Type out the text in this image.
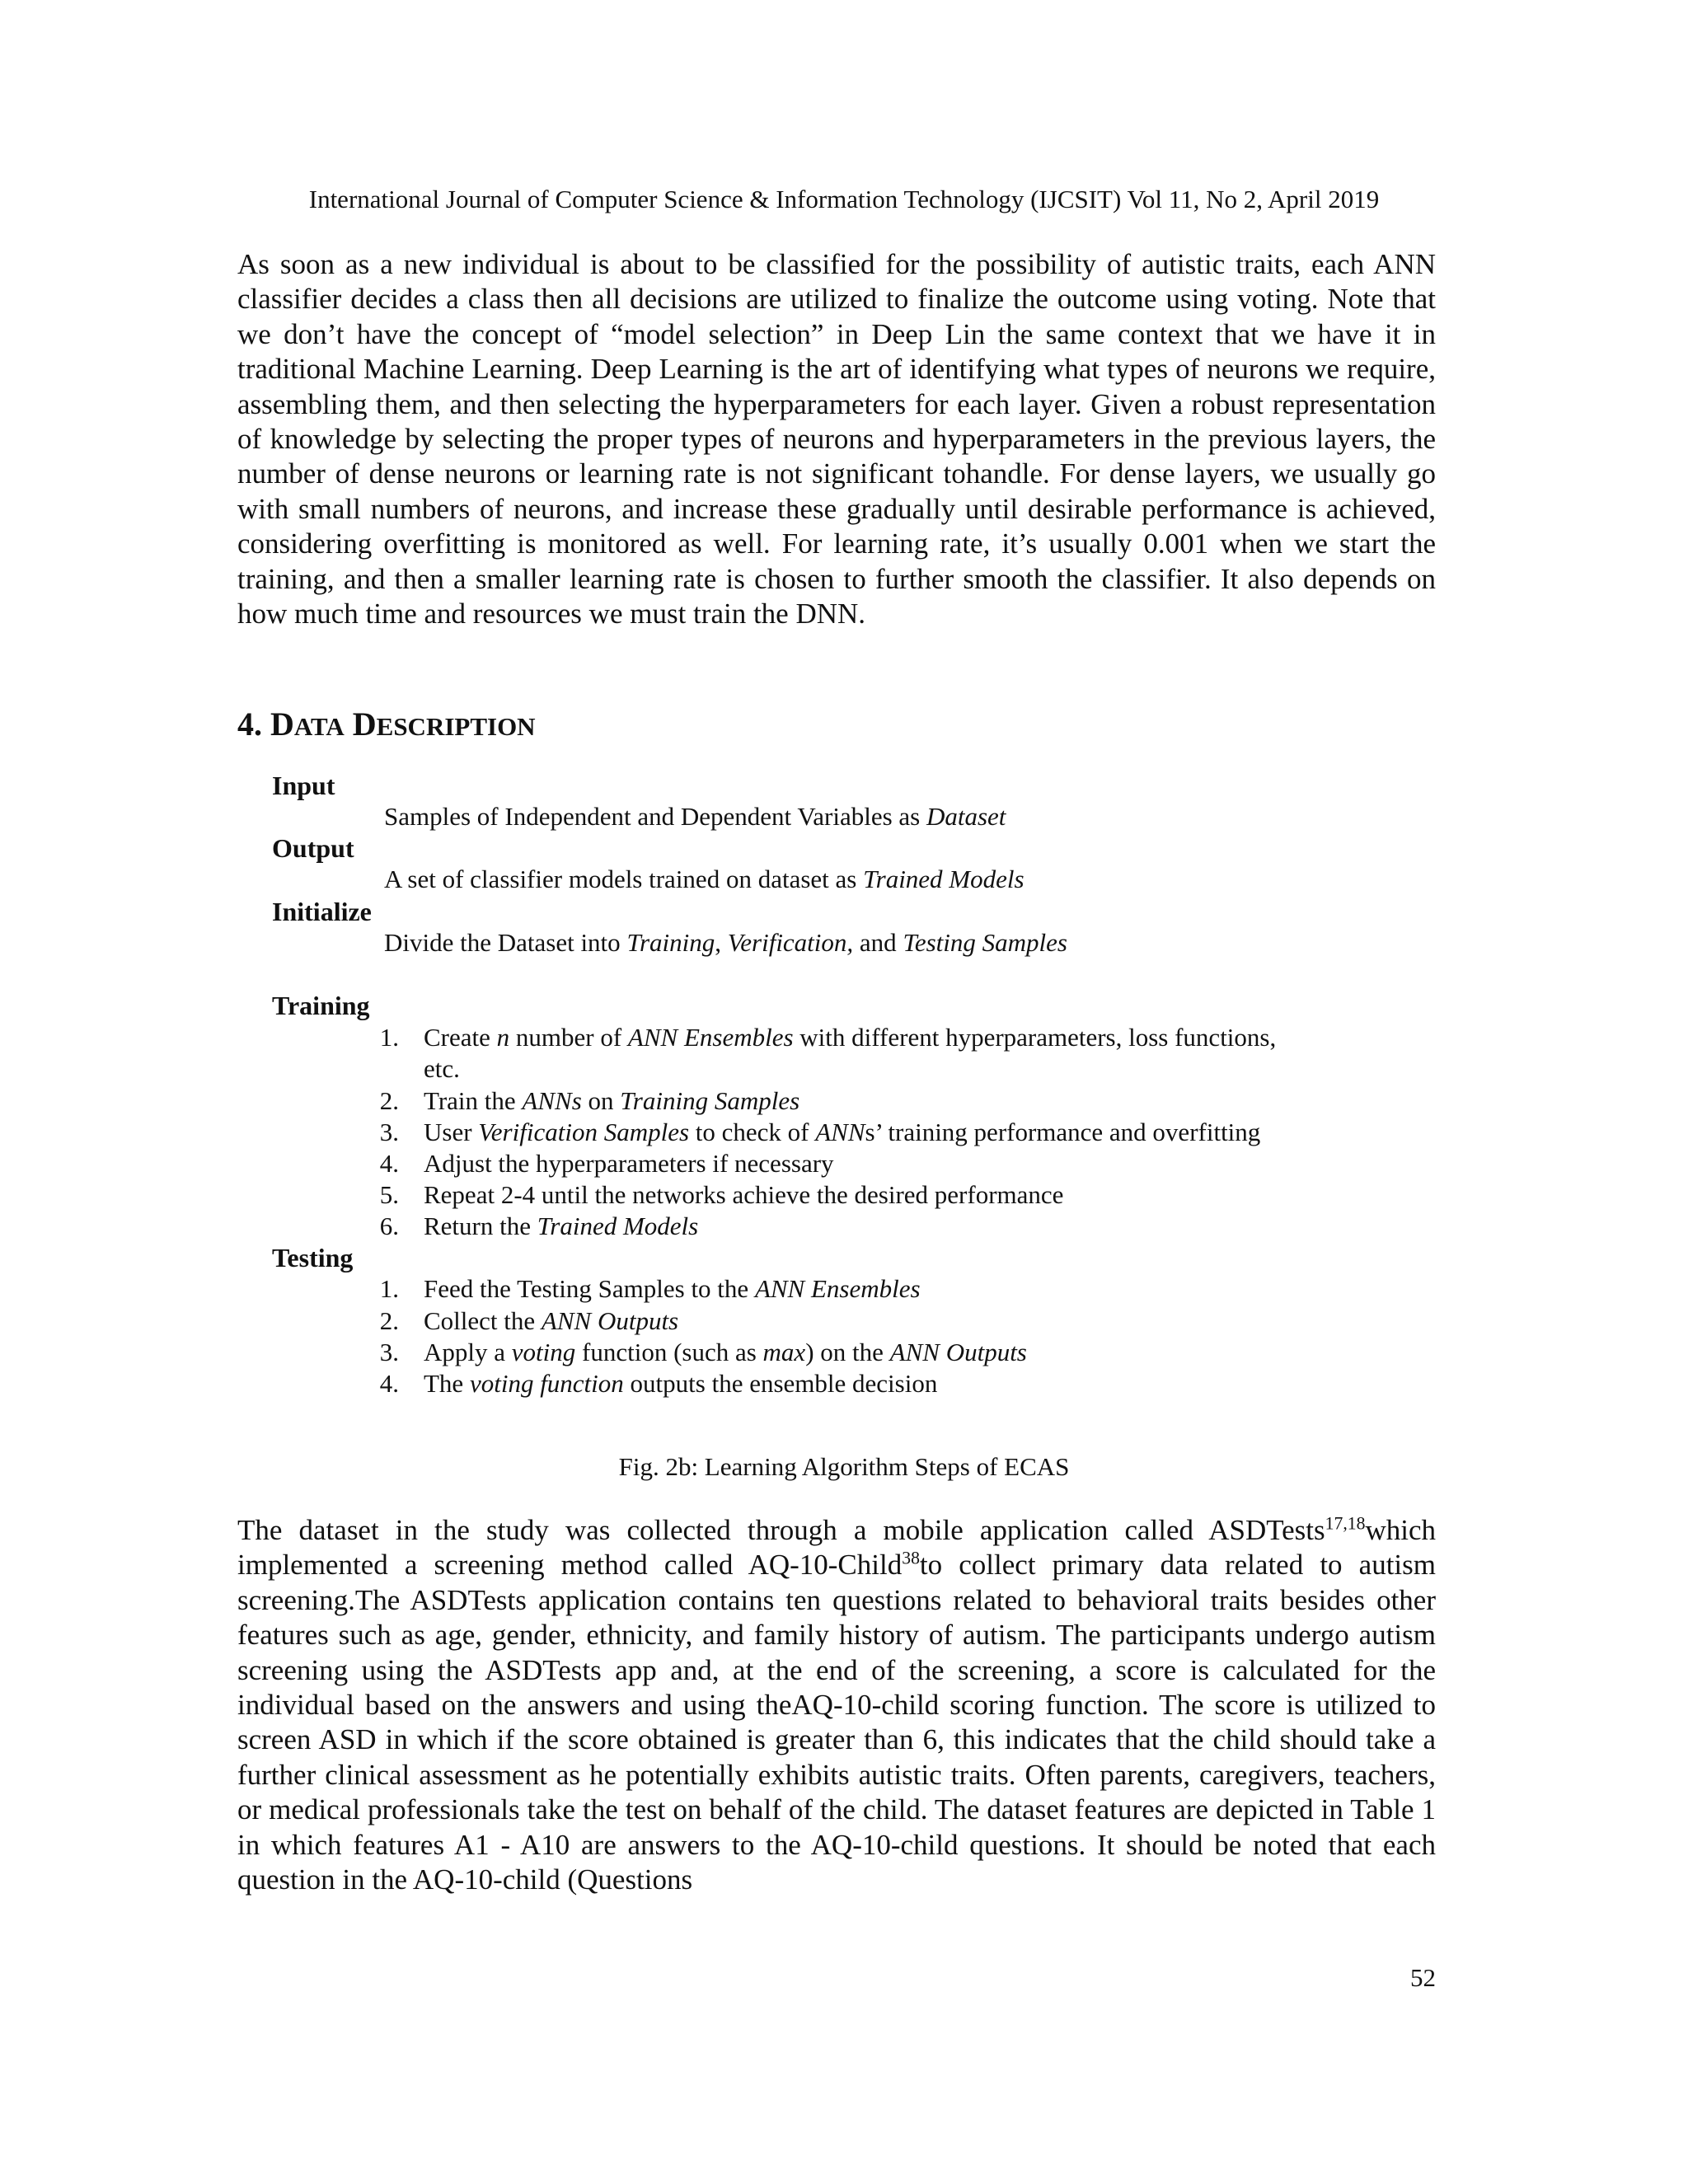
International Journal of Computer Science & Information Technology (IJCSIT) Vol 11, No 2, April 2019

As soon as a new individual is about to be classified for the possibility of autistic traits, each ANN classifier decides a class then all decisions are utilized to finalize the outcome using voting. Note that we don’t have the concept of “model selection” in Deep Lin the same context that we have it in traditional Machine Learning. Deep Learning is the art of identifying what types of neurons we require, assembling them, and then selecting the hyperparameters for each layer. Given a robust representation of knowledge by selecting the proper types of neurons and hyperparameters in the previous layers, the number of dense neurons or learning rate is not significant tohandle. For dense layers, we usually go with small numbers of neurons, and increase these gradually until desirable performance is achieved, considering overfitting is monitored as well. For learning rate, it’s usually 0.001 when we start the training, and then a smaller learning rate is chosen to further smooth the classifier. It also depends on how much time and resources we must train the DNN.

4. DATA DESCRIPTION
Input
Samples of Independent and Dependent Variables as Dataset
Output
A set of classifier models trained on dataset as Trained Models
Initialize
Divide the Dataset into Training, Verification, and Testing Samples
Training
1. Create n number of ANN Ensembles with different hyperparameters, loss functions,
etc.
2. Train the ANNs on Training Samples
3. User Verification Samples to check of ANNs’ training performance and overfitting
4. Adjust the hyperparameters if necessary
5. Repeat 2-4 until the networks achieve the desired performance
6. Return the Trained Models
Testing
1. Feed the Testing Samples to the ANN Ensembles
2. Collect the ANN Outputs
3. Apply a voting function (such as max) on the ANN Outputs
4. The voting function outputs the ensemble decision
Fig. 2b: Learning Algorithm Steps of ECAS

The dataset in the study was collected through a mobile application called ASDTests$^{17,18}$which implemented a screening method called AQ-10-Child$^{38}$to collect primary data related to autism screening.The ASDTests application contains ten questions related to behavioral traits besides other features such as age, gender, ethnicity, and family history of autism. The participants undergo autism screening using the ASDTests app and, at the end of the screening, a score is calculated for the individual based on the answers and using theAQ-10-child scoring function. The score is utilized to screen ASD in which if the score obtained is greater than 6, this indicates that the child should take a further clinical assessment as he potentially exhibits autistic traits. Often parents, caregivers, teachers, or medical professionals take the test on behalf of the child. The dataset features are depicted in Table 1 in which features A1 - A10 are answers to the AQ-10-child questions. It should be noted that each question in the AQ-10-child (Questions

52
